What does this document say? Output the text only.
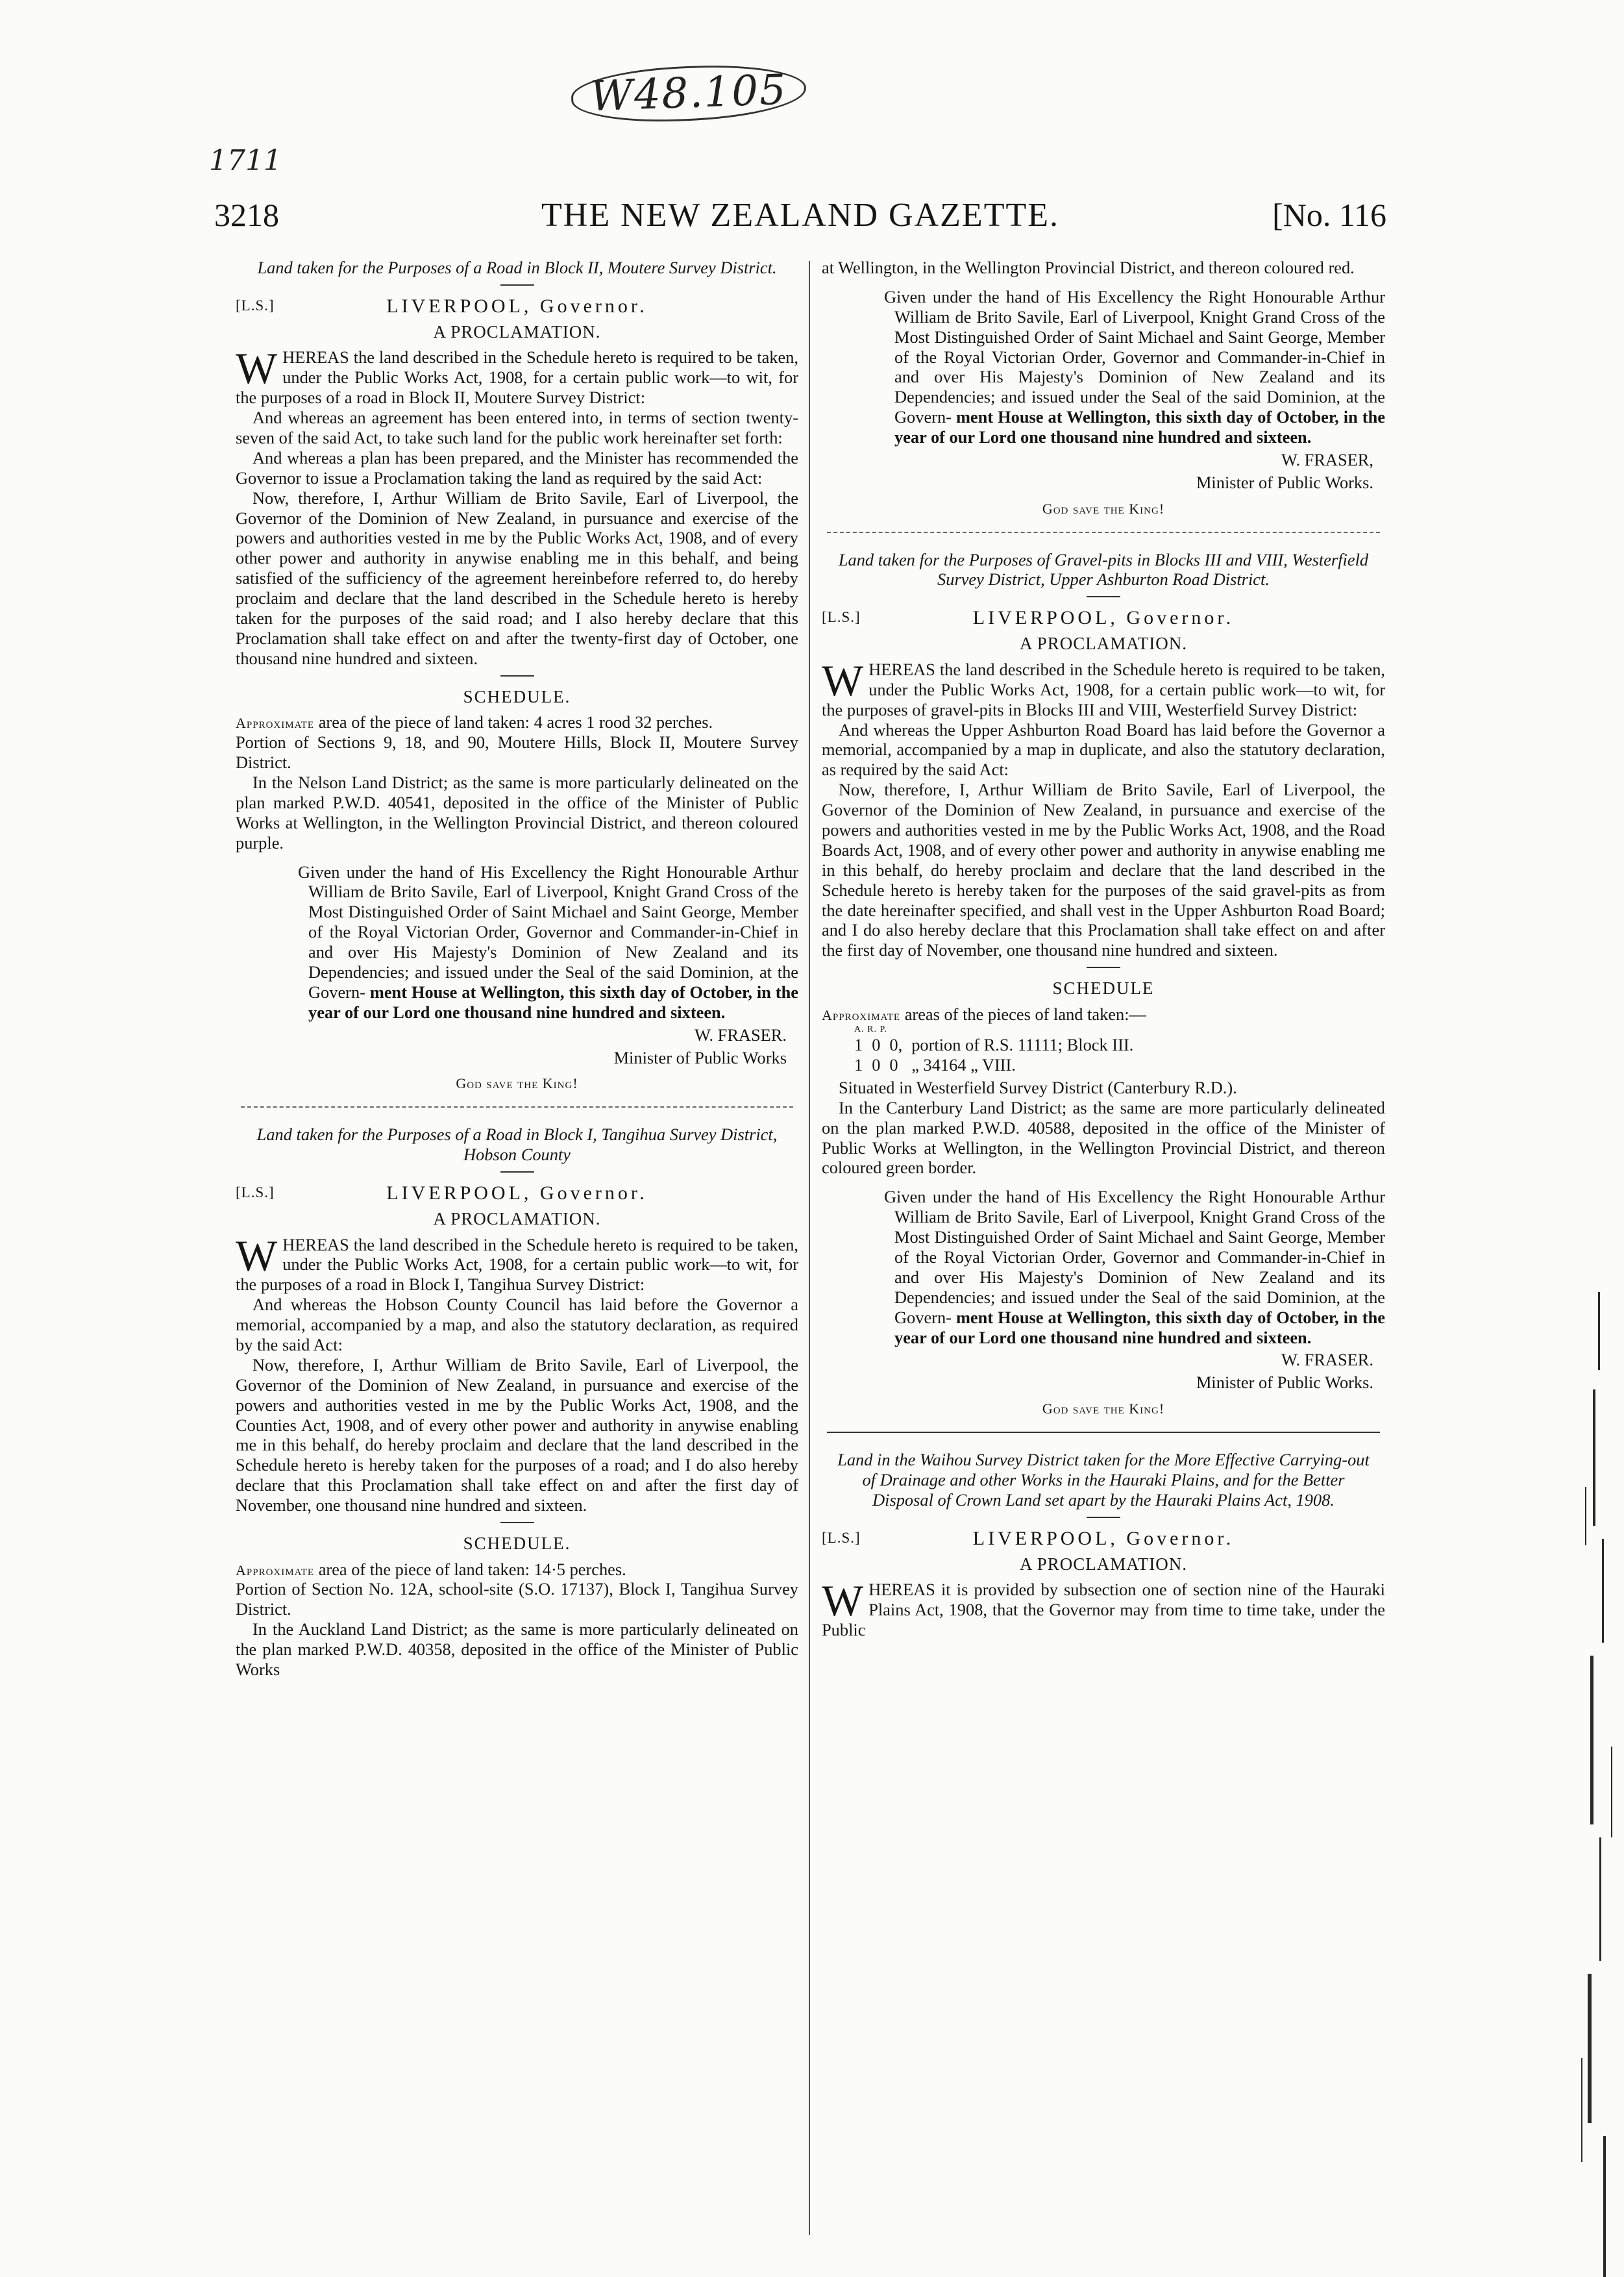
W48.105
1711
3218	THE NEW ZEALAND GAZETTE.	[No. 116
Land taken for the Purposes of a Road in Block II, Moutere Survey District.
[L.S.]	LIVERPOOL, Governor.
A PROCLAMATION.

WHEREAS the land described in the Schedule hereto is required to be taken, under the Public Works Act, 1908, for a certain public work—to wit, for the purposes of a road in Block II, Moutere Survey District:

And whereas an agreement has been entered into, in terms of section twenty-seven of the said Act, to take such land for the public work hereinafter set forth:

And whereas a plan has been prepared, and the Minister has recommended the Governor to issue a Proclamation taking the land as required by the said Act:

Now, therefore, I, Arthur William de Brito Savile, Earl of Liverpool, the Governor of the Dominion of New Zealand, in pursuance and exercise of the powers and authorities vested in me by the Public Works Act, 1908, and of every other power and authority in anywise enabling me in this behalf, and being satisfied of the sufficiency of the agreement hereinbefore referred to, do hereby proclaim and declare that the land described in the Schedule hereto is hereby taken for the purposes of the said road; and I also hereby declare that this Proclamation shall take effect on and after the twenty-first day of October, one thousand nine hundred and sixteen.

SCHEDULE.

Approximate area of the piece of land taken: 4 acres 1 rood 32 perches.

Portion of Sections 9, 18, and 90, Moutere Hills, Block II, Moutere Survey District.

In the Nelson Land District; as the same is more particularly delineated on the plan marked P.W.D. 40541, deposited in the office of the Minister of Public Works at Wellington, in the Wellington Provincial District, and thereon coloured purple.

Given under the hand of His Excellency the Right Honourable Arthur William de Brito Savile, Earl of Liverpool, Knight Grand Cross of the Most Distinguished Order of Saint Michael and Saint George, Member of the Royal Victorian Order, Governor and Commander-in-Chief in and over His Majesty's Dominion of New Zealand and its Dependencies; and issued under the Seal of the said Dominion, at the Govern- ment House at Wellington, this sixth day of October, in the year of our Lord one thousand nine hundred and sixteen.
W. FRASER.
Minister of Public Works
God save the King!
Land taken for the Purposes of a Road in Block I, Tangihua Survey District, Hobson County
[L.S.]	LIVERPOOL, Governor.
A PROCLAMATION.

WHEREAS the land described in the Schedule hereto is required to be taken, under the Public Works Act, 1908, for a certain public work—to wit, for the purposes of a road in Block I, Tangihua Survey District:

And whereas the Hobson County Council has laid before the Governor a memorial, accompanied by a map, and also the statutory declaration, as required by the said Act:

Now, therefore, I, Arthur William de Brito Savile, Earl of Liverpool, the Governor of the Dominion of New Zealand, in pursuance and exercise of the powers and authorities vested in me by the Public Works Act, 1908, and the Counties Act, 1908, and of every other power and authority in anywise enabling me in this behalf, do hereby proclaim and declare that the land described in the Schedule hereto is hereby taken for the purposes of a road; and I do also hereby declare that this Proclamation shall take effect on and after the first day of November, one thousand nine hundred and sixteen.

SCHEDULE.

Approximate area of the piece of land taken: 14·5 perches.

Portion of Section No. 12A, school-site (S.O. 17137), Block I, Tangihua Survey District.

In the Auckland Land District; as the same is more particularly delineated on the plan marked P.W.D. 40358, deposited in the office of the Minister of Public Works

at Wellington, in the Wellington Provincial District, and thereon coloured red.

Given under the hand of His Excellency the Right Honourable Arthur William de Brito Savile, Earl of Liverpool, Knight Grand Cross of the Most Distinguished Order of Saint Michael and Saint George, Member of the Royal Victorian Order, Governor and Commander-in-Chief in and over His Majesty's Dominion of New Zealand and its Dependencies; and issued under the Seal of the said Dominion, at the Govern- ment House at Wellington, this sixth day of October, in the year of our Lord one thousand nine hundred and sixteen.
W. FRASER,
Minister of Public Works.
God save the King!
Land taken for the Purposes of Gravel-pits in Blocks III and VIII, Westerfield Survey District, Upper Ashburton Road District.
[L.S.]	LIVERPOOL, Governor.
A PROCLAMATION.

WHEREAS the land described in the Schedule hereto is required to be taken, under the Public Works Act, 1908, for a certain public work—to wit, for the purposes of gravel-pits in Blocks III and VIII, Westerfield Survey District:

And whereas the Upper Ashburton Road Board has laid before the Governor a memorial, accompanied by a map in duplicate, and also the statutory declaration, as required by the said Act:

Now, therefore, I, Arthur William de Brito Savile, Earl of Liverpool, the Governor of the Dominion of New Zealand, in pursuance and exercise of the powers and authorities vested in me by the Public Works Act, 1908, and the Road Boards Act, 1908, and of every other power and authority in anywise enabling me in this behalf, do hereby proclaim and declare that the land described in the Schedule hereto is hereby taken for the purposes of the said gravel-pits as from the date hereinafter specified, and shall vest in the Upper Ashburton Road Board; and I do also hereby declare that this Proclamation shall take effect on and after the first day of November, one thousand nine hundred and sixteen.

SCHEDULE

Approximate areas of the pieces of land taken:—

A. R. P.
1	0	0,	portion of R.S. 11111; Block III.
1	0	0	„ 34164 „ VIII.

Situated in Westerfield Survey District (Canterbury R.D.).

In the Canterbury Land District; as the same are more particularly delineated on the plan marked P.W.D. 40588, deposited in the office of the Minister of Public Works at Wellington, in the Wellington Provincial District, and thereon coloured green border.

Given under the hand of His Excellency the Right Honourable Arthur William de Brito Savile, Earl of Liverpool, Knight Grand Cross of the Most Distinguished Order of Saint Michael and Saint George, Member of the Royal Victorian Order, Governor and Commander-in-Chief in and over His Majesty's Dominion of New Zealand and its Dependencies; and issued under the Seal of the said Dominion, at the Govern- ment House at Wellington, this sixth day of October, in the year of our Lord one thousand nine hundred and sixteen.
W. FRASER.
Minister of Public Works.
God save the King!
Land in the Waihou Survey District taken for the More Effective Carrying-out of Drainage and other Works in the Hauraki Plains, and for the Better Disposal of Crown Land set apart by the Hauraki Plains Act, 1908.
[L.S.]	LIVERPOOL, Governor.
A PROCLAMATION.

WHEREAS it is provided by subsection one of section nine of the Hauraki Plains Act, 1908, that the Governor may from time to time take, under the Public
